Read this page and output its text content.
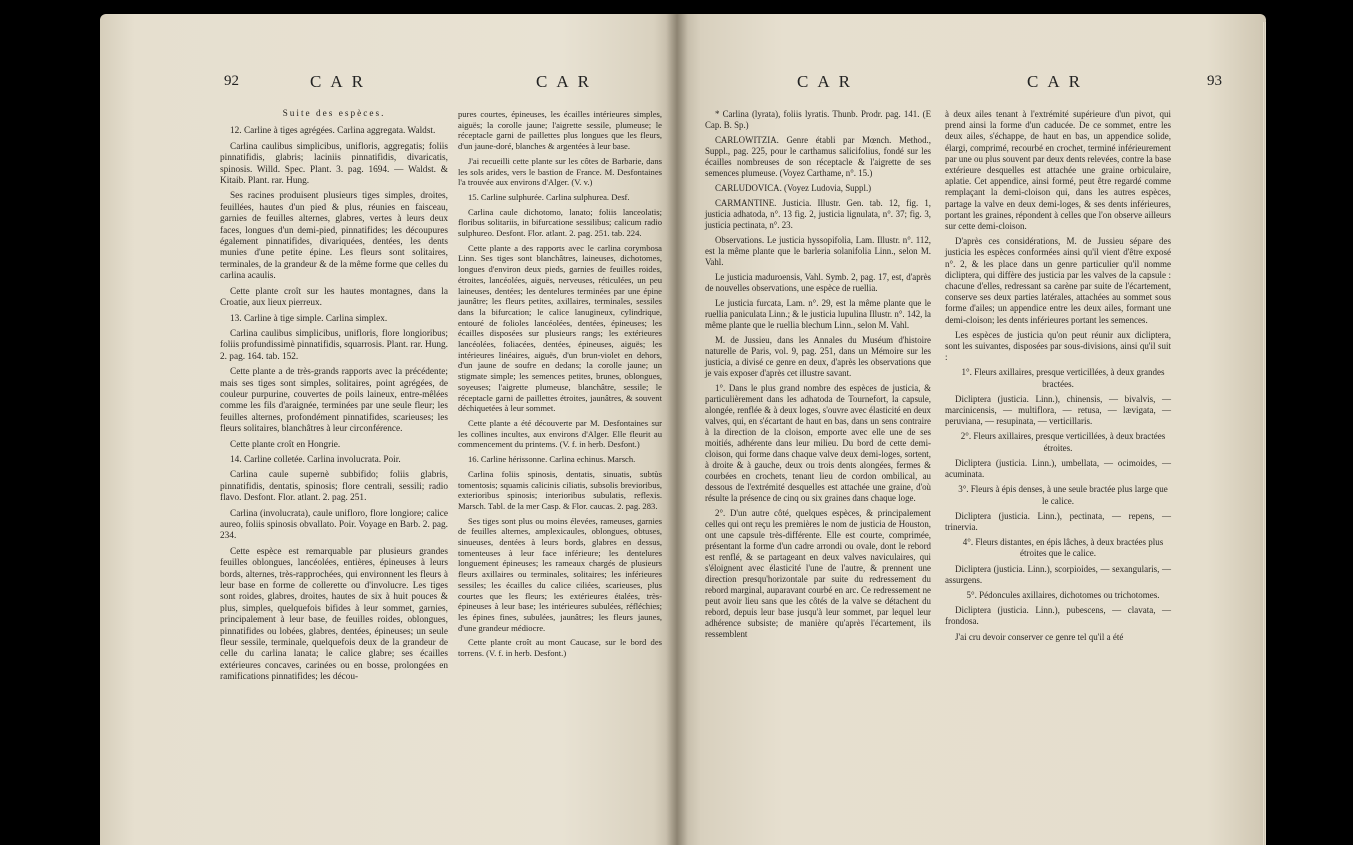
92	CAR	CAR
Suite des espèces.

12. Carline à tiges agrégées. Carlina aggregata. Waldst.

Carlina caulibus simplicibus, unifloris, aggregatis; foliis pinnatifidis, glabris; laciniis pinnatifidis, divaricatis, spinosis. Willd. Spec. Plant. 3. pag. 1694. — Waldst. & Kitaib. Plant. rar. Hung.

Ses racines produisent plusieurs tiges simples, droites, feuillées, hautes d'un pied & plus, réunies en faisceau, garnies de feuilles alternes, glabres, vertes à leurs deux faces, longues d'un demi-pied, pinnatifides; les découpures également pinnatifides, divariquées, dentées, les dents munies d'une petite épine. Les fleurs sont solitaires, terminales, de la grandeur & de la même forme que celles du carlina acaulis.

Cette plante croît sur les hautes montagnes, dans la Croatie, aux lieux pierreux.

13. Carline à tige simple. Carlina simplex.

Carlina caulibus simplicibus, unifloris, flore longioribus; foliis profundissimè pinnatifidis, squarrosis. Plant. rar. Hung. 2. pag. 164. tab. 152.

Cette plante a de très-grands rapports avec la précédente; mais ses tiges sont simples, solitaires, point agrégées, de couleur purpurine, couvertes de poils laineux, entre-mêlées comme les fils d'araignée, terminées par une seule fleur; les feuilles alternes, profondément pinnatifides, scarieuses; les fleurs solitaires, blanchâtres à leur circonférence.

Cette plante croît en Hongrie.

14. Carline colletée. Carlina involucrata. Poir.

Carlina caule supernè subbifido; foliis glabris, pinnatifidis, dentatis, spinosis; flore centrali, sessili; radio flavo. Desfont. Flor. atlant. 2. pag. 251.

Carlina (involucrata), caule unifloro, flore longiore; calice aureo, foliis spinosis obvallato. Poir. Voyage en Barb. 2. pag. 234.

Cette espèce est remarquable par plusieurs grandes feuilles oblongues, lancéolées, entières, épineuses à leurs bords, alternes, très-rapprochées, qui environnent les fleurs à leur base en forme de collerette ou d'involucre. Les tiges sont roides, glabres, droites, hautes de six à huit pouces & plus, simples, quelquefois bifides à leur sommet, garnies, principalement à leur base, de feuilles roides, oblongues, pinnatifides ou lobées, glabres, dentées, épineuses; un seule fleur sessile, terminale, quelquefois deux de la grandeur de celle du carlina lanata; le calice glabre; ses écailles extérieures concaves, carinées ou en bosse, prolongées en ramifications pinnatifides; les décou-

pures courtes, épineuses, les écailles intérieures simples, aiguës; la corolle jaune; l'aigrette sessile, plumeuse; le réceptacle garni de paillettes plus longues que les fleurs, d'un jaune-doré, blanches & argentées à leur base.

J'ai recueilli cette plante sur les côtes de Barbarie, dans les sols arides, vers le bastion de France. M. Desfontaines l'a trouvée aux environs d'Alger. (V. v.)

15. Carline sulphurée. Carlina sulphurea. Desf.

Carlina caule dichotomo, lanato; foliis lanceolatis; floribus solitariis, in bifurcatione sessilibus; calicum radio sulphureo. Desfont. Flor. atlant. 2. pag. 251. tab. 224.

Cette plante a des rapports avec le carlina corymbosa Linn. Ses tiges sont blanchâtres, laineuses, dichotomes, longues d'environ deux pieds, garnies de feuilles roides, étroites, lancéolées, aiguës, nerveuses, réticulées, un peu laineuses, dentées; les dentelures terminées par une épine jaunâtre; les fleurs petites, axillaires, terminales, sessiles dans la bifurcation; le calice lanugineux, cylindrique, entouré de folioles lancéolées, dentées, épineuses; les écailles disposées sur plusieurs rangs; les extérieures lancéolées, foliacées, dentées, épineuses, aiguës; les intérieures linéaires, aiguës, d'un brun-violet en dehors, d'un jaune de soufre en dedans; la corolle jaune; un stigmate simple; les semences petites, brunes, oblongues, soyeuses; l'aigrette plumeuse, blanchâtre, sessile; le réceptacle garni de paillettes étroites, jaunâtres, & souvent déchiquetées à leur sommet.

Cette plante a été découverte par M. Desfontaines sur les collines incultes, aux environs d'Alger. Elle fleurit au commencement du printems. (V. f. in herb. Desfont.)

16. Carline hérissonne. Carlina echinus. Marsch.

Carlina foliis spinosis, dentatis, sinuatis, subtùs tomentosis; squamis calicinis ciliatis, subsolis brevioribus, exterioribus spinosis; interioribus subulatis, reflexis. Marsch. Tabl. de la mer Casp. & Flor. caucas. 2. pag. 283.

Ses tiges sont plus ou moins élevées, rameuses, garnies de feuilles alternes, amplexicaules, oblongues, obtuses, sinueuses, dentées à leurs bords, glabres en dessus, tomenteuses à leur face inférieure; les dentelures longuement épineuses; les rameaux chargés de plusieurs fleurs axillaires ou terminales, solitaires; les inférieures sessiles; les écailles du calice ciliées, scarieuses, plus courtes que les fleurs; les extérieures étalées, très-épineuses à leur base; les intérieures subulées, réfléchies; les épines fines, subulées, jaunâtres; les fleurs jaunes, d'une grandeur médiocre.

Cette plante croît au mont Caucase, sur le bord des torrens. (V. f. in herb. Desfont.)

CAR	CAR	93

* Carlina (lyrata), foliis lyratis. Thunb. Prodr. pag. 141. (E Cap. B. Sp.)

CARLOWITZIA. Genre établi par Mœnch. Method., Suppl., pag. 225, pour le carthamus salicifolius, fondé sur les écailles nombreuses de son réceptacle & l'aigrette de ses semences plumeuse. (Voyez Carthame, n°. 15.)

CARLUDOVICA. (Voyez Ludovia, Suppl.)

CARMANTINE. Justicia. Illustr. Gen. tab. 12, fig. 1, justicia adhatoda, n°. 13 fig. 2, justicia lignulata, n°. 37; fig. 3, justicia pectinata, n°. 23.

Observations. Le justicia hyssopifolia, Lam. Illustr. n°. 112, est la même plante que le barleria solanifolia Linn., selon M. Vahl.

Le justicia maduroensis, Vahl. Symb. 2, pag. 17, est, d'après de nouvelles observations, une espèce de ruellia.

Le justicia furcata, Lam. n°. 29, est la même plante que le ruellia paniculata Linn.; & le justicia lupulina Illustr. n°. 142, la même plante que le ruellia blechum Linn., selon M. Vahl.

M. de Jussieu, dans les Annales du Muséum d'histoire naturelle de Paris, vol. 9, pag. 251, dans un Mémoire sur les justicia, a divisé ce genre en deux, d'après les observations que je vais exposer d'après cet illustre savant.

1°. Dans le plus grand nombre des espèces de justicia, & particulièrement dans les adhatoda de Tournefort, la capsule, alongée, renflée & à deux loges, s'ouvre avec élasticité en deux valves, qui, en s'écartant de haut en bas, dans un sens contraire à la direction de la cloison, emporte avec elle une de ses moitiés, adhérente dans leur milieu. Du bord de cette demi-cloison, qui forme dans chaque valve deux demi-loges, sortent, à droite & à gauche, deux ou trois dents alongées, fermes & courbées en crochets, tenant lieu de cordon ombilical, au dessous de l'extrémité desquelles est attachée une graine, d'où résulte la présence de cinq ou six graines dans chaque loge.

2°. D'un autre côté, quelques espèces, & principalement celles qui ont reçu les premières le nom de justicia de Houston, ont une capsule très-différente. Elle est courte, comprimée, présentant la forme d'un cadre arrondi ou ovale, dont le rebord est renflé, & se partageant en deux valves naviculaires, qui s'éloignent avec élasticité l'une de l'autre, & prennent une direction presqu'horizontale par suite du redressement du rebord marginal, auparavant courbé en arc. Ce redressement ne peut avoir lieu sans que les côtés de la valve se détachent du rebord, depuis leur base jusqu'à leur sommet, par lequel leur adhérence subsiste; de manière qu'après l'écartement, ils ressemblent

à deux ailes tenant à l'extrémité supérieure d'un pivot, qui prend ainsi la forme d'un caducée. De ce sommet, entre les deux ailes, s'échappe, de haut en bas, un appendice solide, élargi, comprimé, recourbé en crochet, terminé inférieurement par une ou plus souvent par deux dents relevées, contre la base extérieure desquelles est attachée une graine orbiculaire, aplatie. Cet appendice, ainsi formé, peut être regardé comme remplaçant la demi-cloison qui, dans les autres espèces, partage la valve en deux demi-loges, & ses dents inférieures, portant les graines, répondent à celles que l'on observe ailleurs sur cette demi-cloison.

D'après ces considérations, M. de Jussieu sépare des justicia les espèces conformées ainsi qu'il vient d'être exposé n°. 2, & les place dans un genre particulier qu'il nomme dicliptera, qui diffère des justicia par les valves de la capsule : chacune d'elles, redressant sa carène par suite de l'écartement, conserve ses deux parties latérales, attachées au sommet sous forme d'ailes; un appendice entre les deux ailes, formant une demi-cloison; les dents inférieures portant les semences.

Les espèces de justicia qu'on peut réunir aux dicliptera, sont les suivantes, disposées par sous-divisions, ainsi qu'il suit :

1°. Fleurs axillaires, presque verticillées, à deux grandes bractées.

Dicliptera (justicia. Linn.), chinensis, — bivalvis, — marcinicensis, — multiflora, — retusa, — lævigata, — peruviana, — resupinata, — verticillaris.

2°. Fleurs axillaires, presque verticillées, à deux bractées étroites.

Dicliptera (justicia. Linn.), umbellata, — ocimoides, — acuminata.

3°. Fleurs à épis denses, à une seule bractée plus large que le calice.

Dicliptera (justicia. Linn.), pectinata, — repens, — trinervia.

4°. Fleurs distantes, en épis lâches, à deux bractées plus étroites que le calice.

Dicliptera (justicia. Linn.), scorpioides, — sexangularis, — assurgens.

5°. Pédoncules axillaires, dichotomes ou trichotomes.

Dicliptera (justicia. Linn.), pubescens, — clavata, — frondosa.

J'ai cru devoir conserver ce genre tel qu'il a été
